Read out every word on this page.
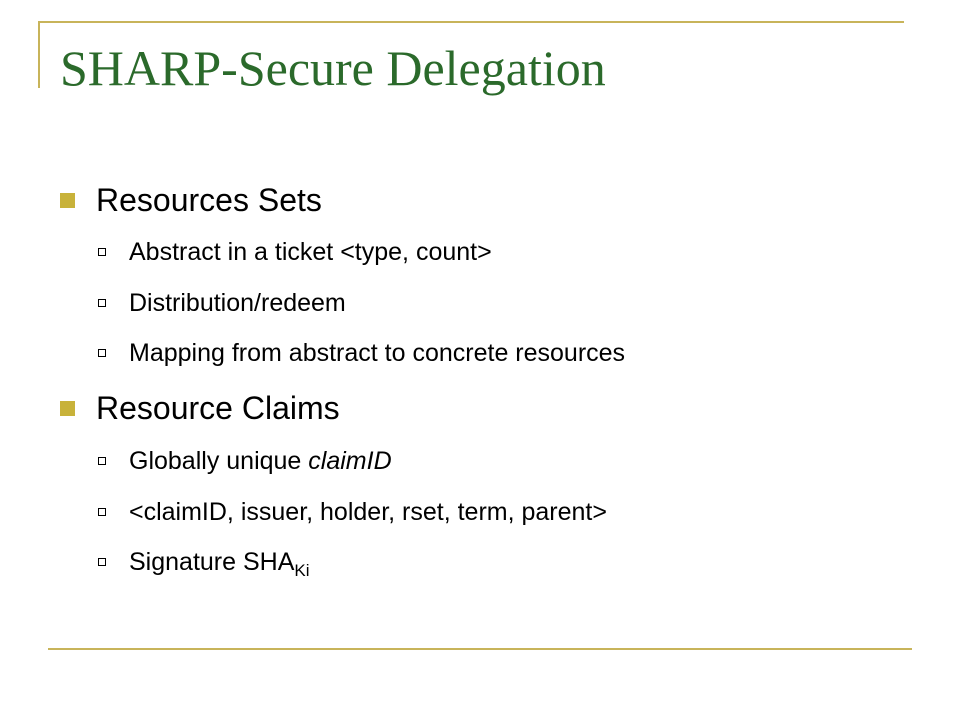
SHARP-Secure Delegation
Resources Sets
Abstract in a ticket <type, count>
Distribution/redeem
Mapping from abstract to concrete resources
Resource Claims
Globally unique claimID
<claimID, issuer, holder, rset, term, parent>
Signature $SHA_{Ki}$
